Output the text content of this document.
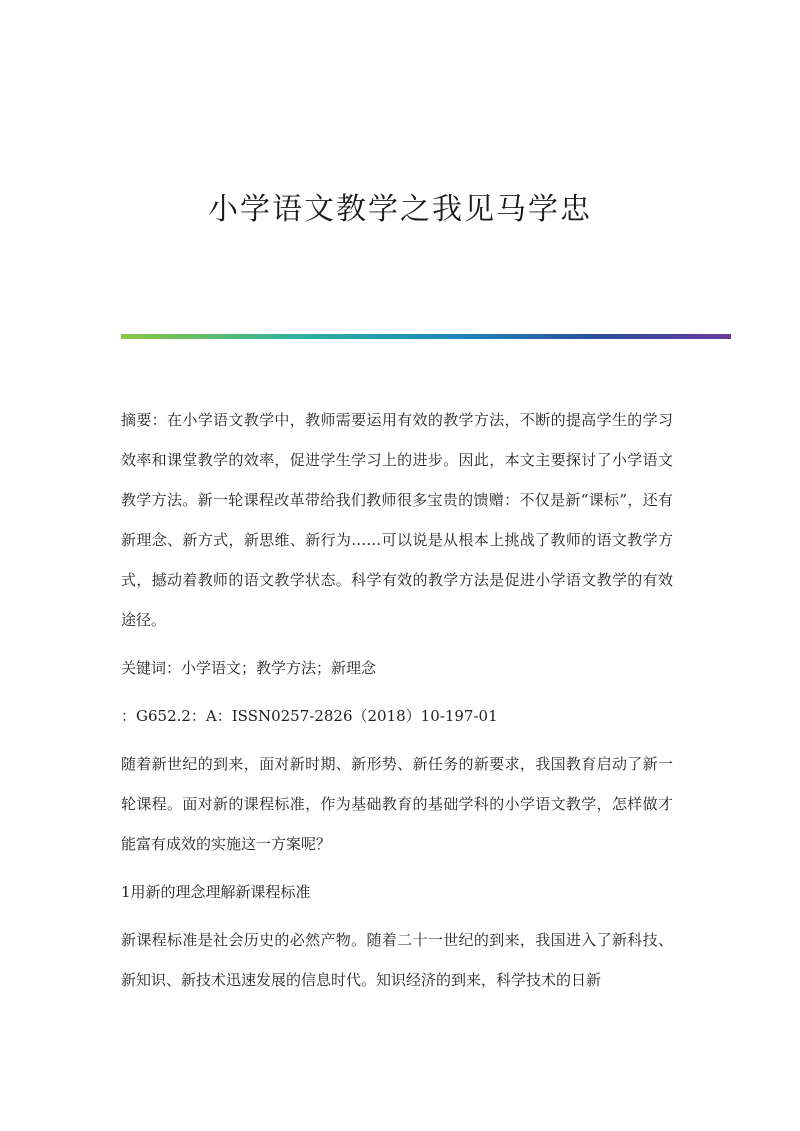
小学语文教学之我见马学忠

摘要：在小学语文教学中，教师需要运用有效的教学方法，不断的提高学生的学习效率和课堂教学的效率，促进学生学习上的进步。因此，本文主要探讨了小学语文教学方法。新一轮课程改革带给我们教师很多宝贵的馈赠：不仅是新“课标”，还有新理念、新方式，新思维、新行为……可以说是从根本上挑战了教师的语文教学方式，撼动着教师的语文教学状态。科学有效的教学方法是促进小学语文教学的有效途径。

关键词：小学语文；教学方法；新理念

：G652.2：A：ISSN0257-2826（2018）10-197-01

随着新世纪的到来，面对新时期、新形势、新任务的新要求，我国教育启动了新一轮课程。面对新的课程标准，作为基础教育的基础学科的小学语文教学，怎样做才能富有成效的实施这一方案呢？

1用新的理念理解新课程标准

新课程标准是社会历史的必然产物。随着二十一世纪的到来，我国进入了新科技、新知识、新技术迅速发展的信息时代。知识经济的到来，科学技术的日新
